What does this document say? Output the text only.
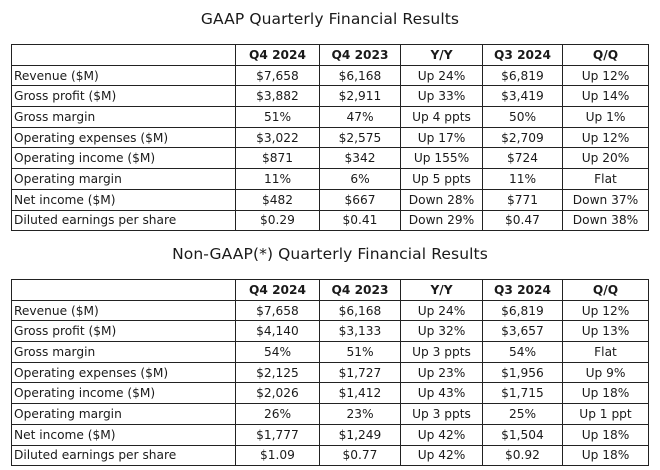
GAAP Quarterly Financial Results
	Q4 2024	Q4 2023	Y/Y	Q3 2024	Q/Q
Revenue ($M)	$7,658	$6,168	Up 24%	$6,819	Up 12%
Gross profit ($M)	$3,882	$2,911	Up 33%	$3,419	Up 14%
Gross margin	51%	47%	Up 4 ppts	50%	Up 1%
Operating expenses ($M)	$3,022	$2,575	Up 17%	$2,709	Up 12%
Operating income ($M)	$871	$342	Up 155%	$724	Up 20%
Operating margin	11%	6%	Up 5 ppts	11%	Flat
Net income ($M)	$482	$667	Down 28%	$771	Down 37%
Diluted earnings per share	$0.29	$0.41	Down 29%	$0.47	Down 38%
Non-GAAP(*) Quarterly Financial Results
	Q4 2024	Q4 2023	Y/Y	Q3 2024	Q/Q
Revenue ($M)	$7,658	$6,168	Up 24%	$6,819	Up 12%
Gross profit ($M)	$4,140	$3,133	Up 32%	$3,657	Up 13%
Gross margin	54%	51%	Up 3 ppts	54%	Flat
Operating expenses ($M)	$2,125	$1,727	Up 23%	$1,956	Up 9%
Operating income ($M)	$2,026	$1,412	Up 43%	$1,715	Up 18%
Operating margin	26%	23%	Up 3 ppts	25%	Up 1 ppt
Net income ($M)	$1,777	$1,249	Up 42%	$1,504	Up 18%
Diluted earnings per share	$1.09	$0.77	Up 42%	$0.92	Up 18%
